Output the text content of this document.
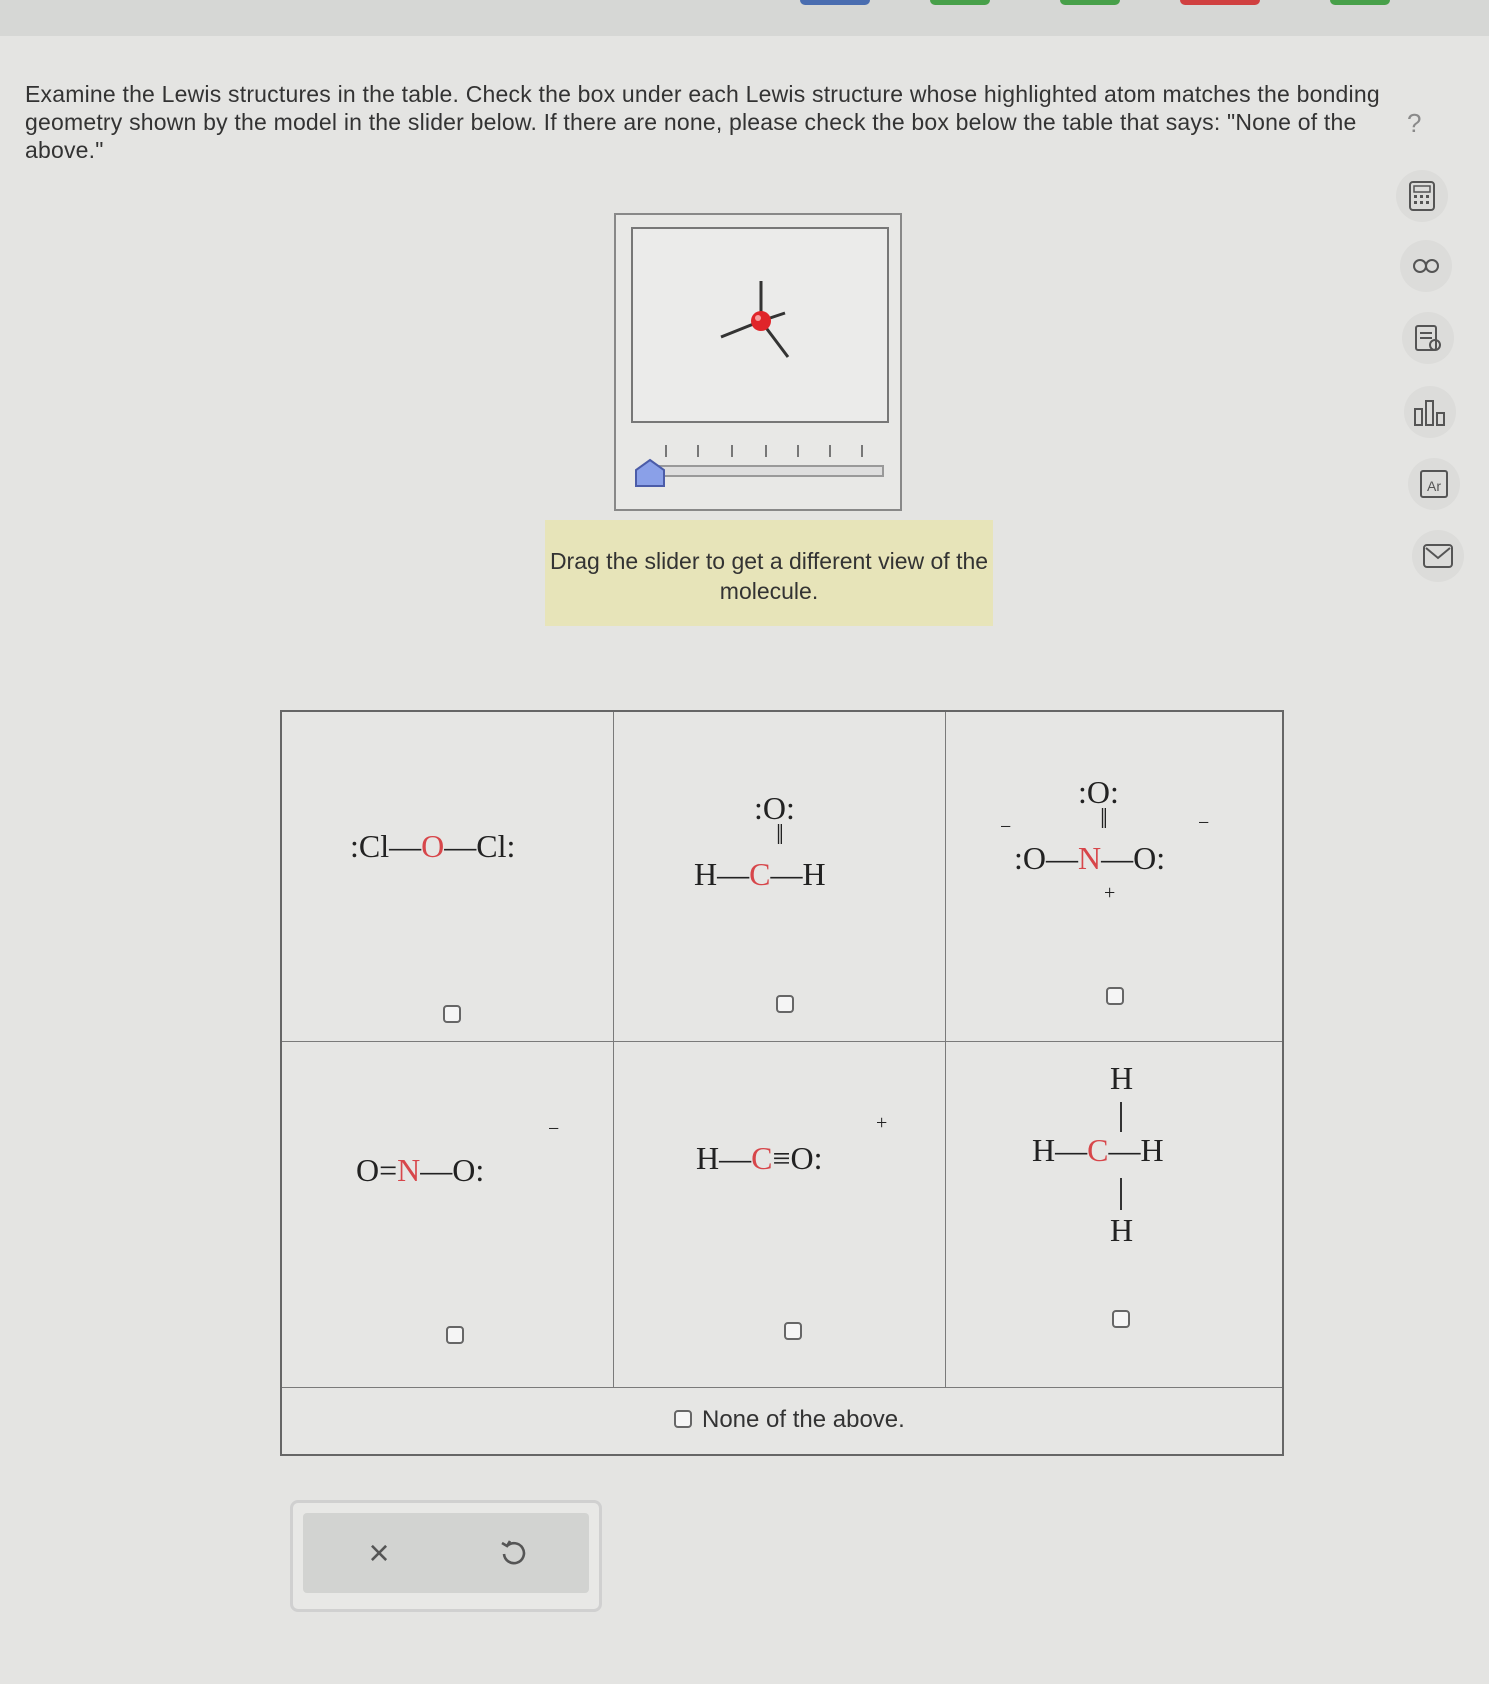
Examine the Lewis structures in the table. Check the box under each Lewis structure whose highlighted atom matches the bonding geometry shown by the model in the slider below. If there are none, please check the box below the table that says: "None of the above."
?
Ar
Drag the slider to get a different view of the molecule.
:Cl—O—Cl:
:O:
‖
H—C—H
:O:
‖
−	−
:O—N—O:
+
−
O=N—O:
+
H—C≡O:
H
H—C—H
H
None of the above.
×
